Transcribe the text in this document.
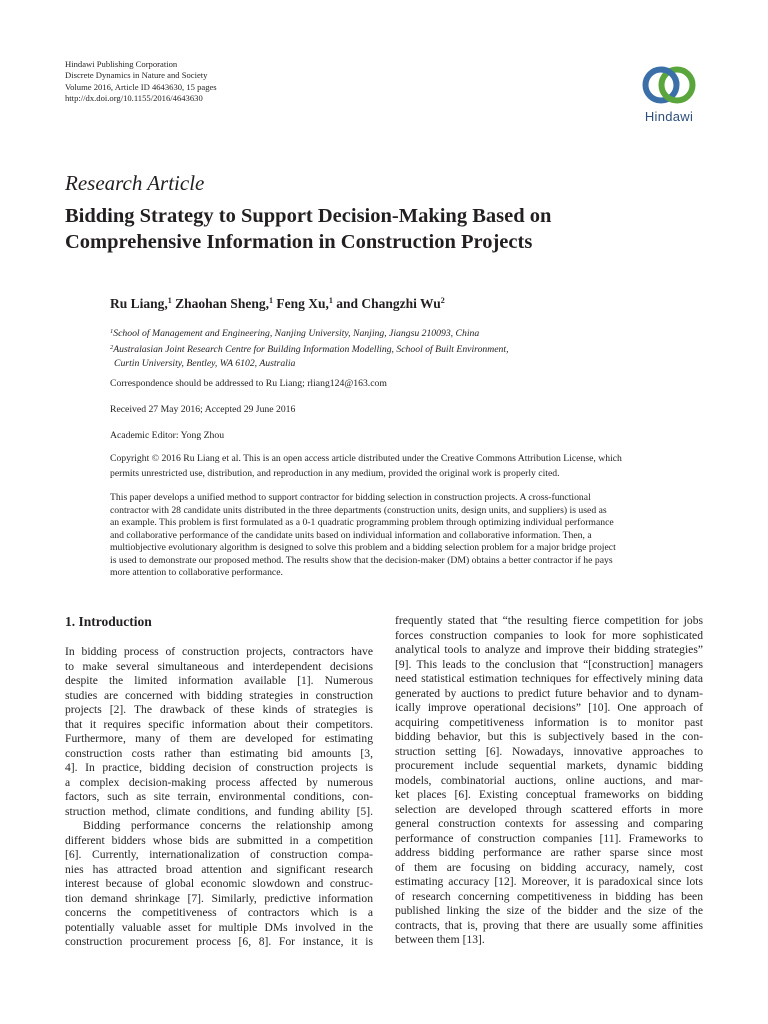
Hindawi Publishing Corporation
Discrete Dynamics in Nature and Society
Volume 2016, Article ID 4643630, 15 pages
http://dx.doi.org/10.1155/2016/4643630
Hindawi
Research Article
Bidding Strategy to Support Decision-Making Based on
Comprehensive Information in Construction Projects
Ru Liang,$^1$ Zhaohan Sheng,$^1$ Feng Xu,$^1$ and Changzhi Wu$^2$
$^1$School of Management and Engineering, Nanjing University, Nanjing, Jiangsu 210093, China
$^2$Australasian Joint Research Centre for Building Information Modelling, School of Built Environment,
Curtin University, Bentley, WA 6102, Australia
Correspondence should be addressed to Ru Liang; rliang124@163.com
Received 27 May 2016; Accepted 29 June 2016
Academic Editor: Yong Zhou
Copyright © 2016 Ru Liang et al. This is an open access article distributed under the Creative Commons Attribution License, which
permits unrestricted use, distribution, and reproduction in any medium, provided the original work is properly cited.
This paper develops a unified method to support contractor for bidding selection in construction projects. A cross-functional
contractor with 28 candidate units distributed in the three departments (construction units, design units, and suppliers) is used as
an example. This problem is first formulated as a 0-1 quadratic programming problem through optimizing individual performance
and collaborative performance of the candidate units based on individual information and collaborative information. Then, a
multiobjective evolutionary algorithm is designed to solve this problem and a bidding selection problem for a major bridge project
is used to demonstrate our proposed method. The results show that the decision-maker (DM) obtains a better contractor if he pays
more attention to collaborative performance.
1. Introduction
In bidding process of construction projects, contractors have
to make several simultaneous and interdependent decisions
despite the limited information available [1]. Numerous
studies are concerned with bidding strategies in construction
projects [2]. The drawback of these kinds of strategies is
that it requires specific information about their competitors.
Furthermore, many of them are developed for estimating
construction costs rather than estimating bid amounts [3,
4]. In practice, bidding decision of construction projects is
a complex decision-making process affected by numerous
factors, such as site terrain, environmental conditions, con-
struction method, climate conditions, and funding ability [5].
Bidding performance concerns the relationship among
different bidders whose bids are submitted in a competition
[6]. Currently, internationalization of construction compa-
nies has attracted broad attention and significant research
interest because of global economic slowdown and construc-
tion demand shrinkage [7]. Similarly, predictive information
concerns the competitiveness of contractors which is a
potentially valuable asset for multiple DMs involved in the
construction procurement process [6, 8]. For instance, it is
frequently stated that “the resulting fierce competition for jobs
forces construction companies to look for more sophisticated
analytical tools to analyze and improve their bidding strategies”
[9]. This leads to the conclusion that “[construction] managers
need statistical estimation techniques for effectively mining data
generated by auctions to predict future behavior and to dynam-
ically improve operational decisions” [10]. One approach of
acquiring competitiveness information is to monitor past
bidding behavior, but this is subjectively based in the con-
struction setting [6]. Nowadays, innovative approaches to
procurement include sequential markets, dynamic bidding
models, combinatorial auctions, online auctions, and mar-
ket places [6]. Existing conceptual frameworks on bidding
selection are developed through scattered efforts in more
general construction contexts for assessing and comparing
performance of construction companies [11]. Frameworks to
address bidding performance are rather sparse since most
of them are focusing on bidding accuracy, namely, cost
estimating accuracy [12]. Moreover, it is paradoxical since lots
of research concerning competitiveness in bidding has been
published linking the size of the bidder and the size of the
contracts, that is, proving that there are usually some affinities
between them [13].
